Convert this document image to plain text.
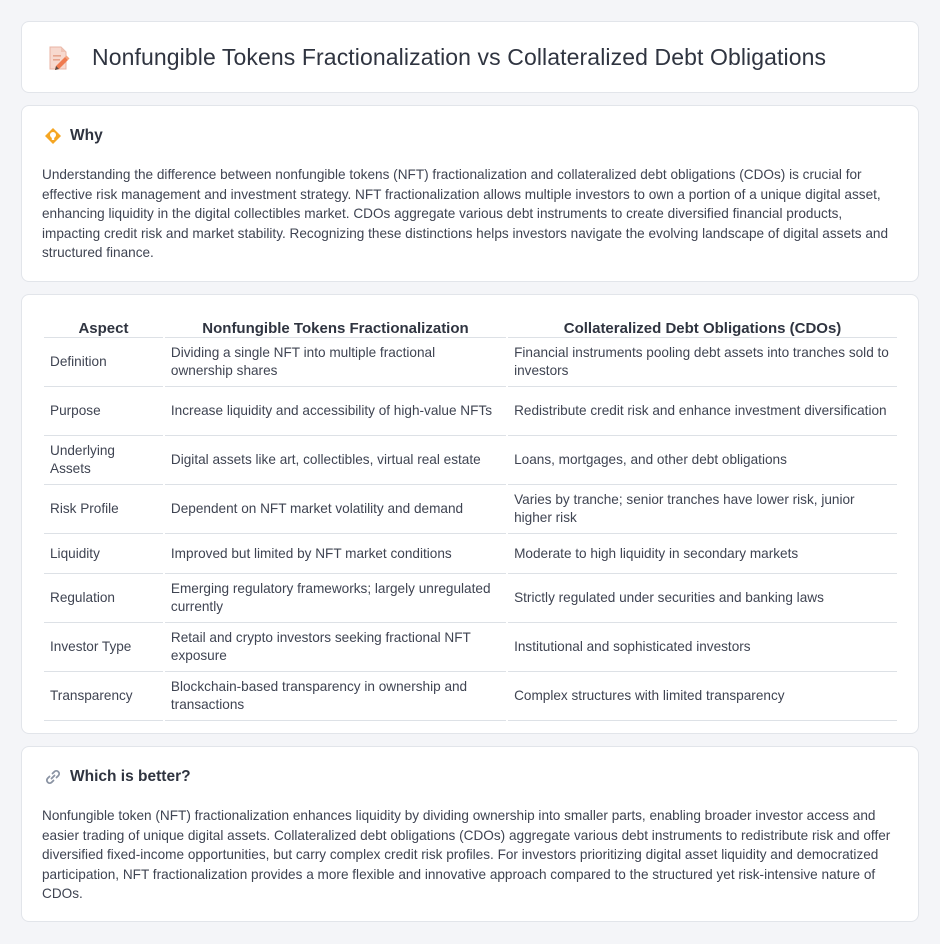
Nonfungible Tokens Fractionalization vs Collateralized Debt Obligations
Why

Understanding the difference between nonfungible tokens (NFT) fractionalization and collateralized debt obligations (CDOs) is crucial for effective risk management and investment strategy. NFT fractionalization allows multiple investors to own a portion of a unique digital asset, enhancing liquidity in the digital collectibles market. CDOs aggregate various debt instruments to create diversified financial products, impacting credit risk and market stability. Recognizing these distinctions helps investors navigate the evolving landscape of digital assets and structured finance.

Aspect	Nonfungible Tokens Fractionalization	Collateralized Debt Obligations (CDOs)
Definition	Dividing a single NFT into multiple fractional ownership shares	Financial instruments pooling debt assets into tranches sold to investors
Purpose	Increase liquidity and accessibility of high-value NFTs	Redistribute credit risk and enhance investment diversification
Underlying Assets	Digital assets like art, collectibles, virtual real estate	Loans, mortgages, and other debt obligations
Risk Profile	Dependent on NFT market volatility and demand	Varies by tranche; senior tranches have lower risk, junior higher risk
Liquidity	Improved but limited by NFT market conditions	Moderate to high liquidity in secondary markets
Regulation	Emerging regulatory frameworks; largely unregulated currently	Strictly regulated under securities and banking laws
Investor Type	Retail and crypto investors seeking fractional NFT exposure	Institutional and sophisticated investors
Transparency	Blockchain-based transparency in ownership and transactions	Complex structures with limited transparency
Which is better?

Nonfungible token (NFT) fractionalization enhances liquidity by dividing ownership into smaller parts, enabling broader investor access and easier trading of unique digital assets. Collateralized debt obligations (CDOs) aggregate various debt instruments to redistribute risk and offer diversified fixed-income opportunities, but carry complex credit risk profiles. For investors prioritizing digital asset liquidity and democratized participation, NFT fractionalization provides a more flexible and innovative approach compared to the structured yet risk-intensive nature of CDOs.
